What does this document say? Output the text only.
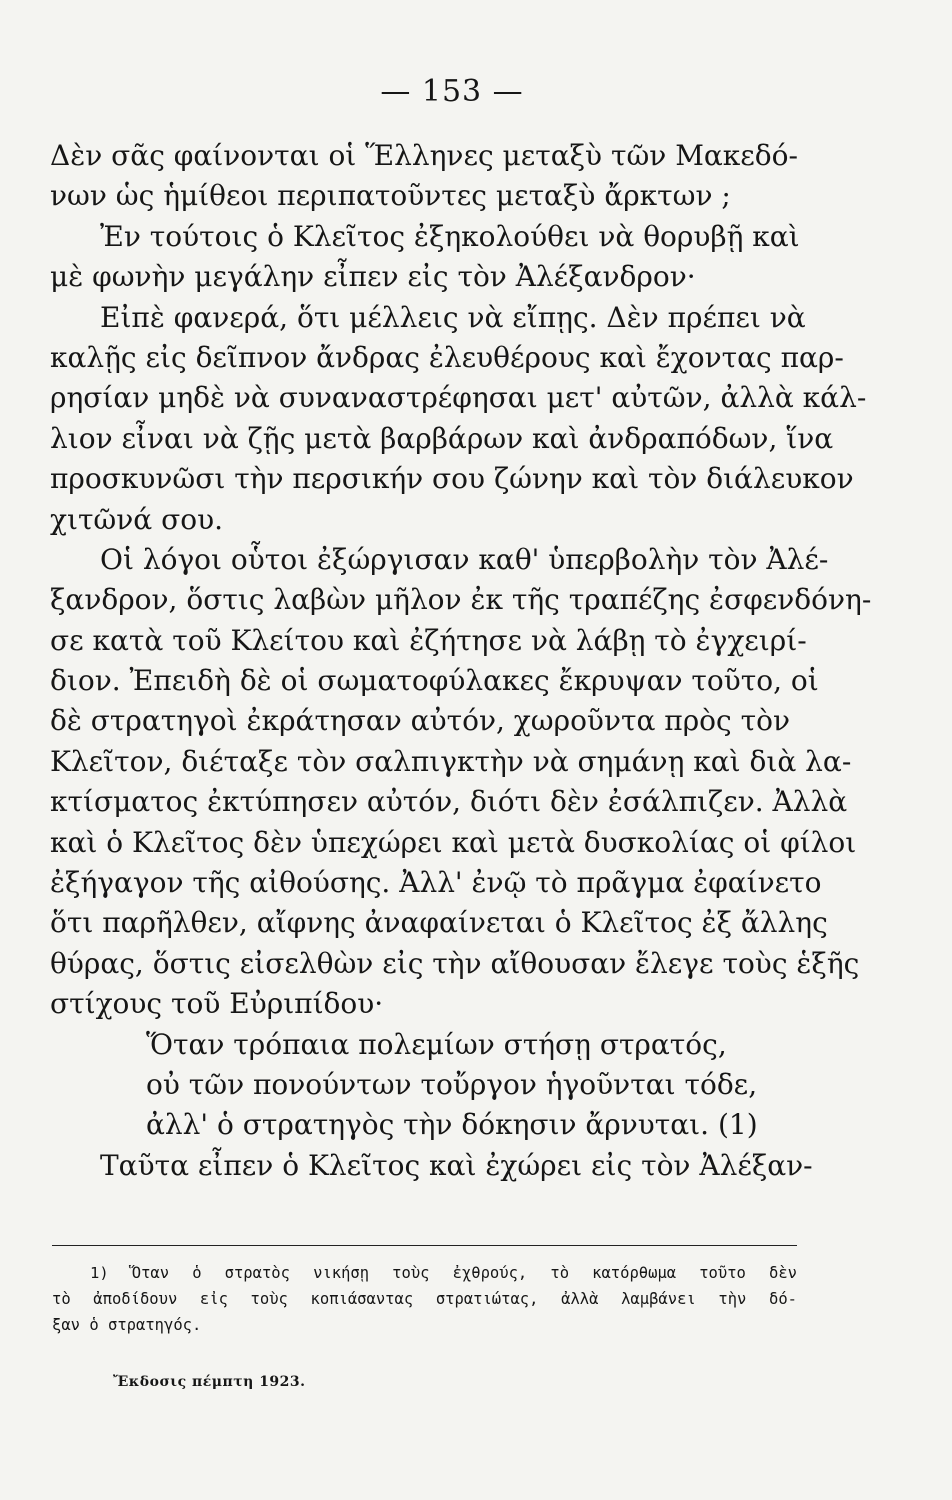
— 153 —
Δὲν σᾶς φαίνονται οἱ Ἕλληνες μεταξὺ τῶν Μακεδό-
νων ὡς ἡμίθεοι περιπατοῦντες μεταξὺ ἄρκτων ;
Ἐν τούτοις ὁ Κλεῖτος ἐξηκολούθει νὰ θορυβῇ καὶ
μὲ φωνὴν μεγάλην εἶπεν εἰς τὸν Ἀλέξανδρον·
Εἰπὲ φανερά, ὅτι μέλλεις νὰ εἴπῃς. Δὲν πρέπει νὰ
καλῇς εἰς δεῖπνον ἄνδρας ἐλευθέρους καὶ ἔχοντας παρ-
ρησίαν μηδὲ νὰ συναναστρέφησαι μετ' αὐτῶν, ἀλλὰ κάλ-
λιον εἶναι νὰ ζῇς μετὰ βαρβάρων καὶ ἀνδραπόδων, ἵνα
προσκυνῶσι τὴν περσικήν σου ζώνην καὶ τὸν διάλευκον
χιτῶνά σου.
Οἱ λόγοι οὗτοι ἐξώργισαν καθ' ὑπερβολὴν τὸν Ἀλέ-
ξανδρον, ὅστις λαβὼν μῆλον ἐκ τῆς τραπέζης ἐσφενδόνη-
σε κατὰ τοῦ Κλείτου καὶ ἐζήτησε νὰ λάβῃ τὸ ἐγχειρί-
διον. Ἐπειδὴ δὲ οἱ σωματοφύλακες ἔκρυψαν τοῦτο, οἱ
δὲ στρατηγοὶ ἐκράτησαν αὐτόν, χωροῦντα πρὸς τὸν
Κλεῖτον, διέταξε τὸν σαλπιγκτὴν νὰ σημάνῃ καὶ διὰ λα-
κτίσματος ἐκτύπησεν αὐτόν, διότι δὲν ἐσάλπιζεν. Ἀλλὰ
καὶ ὁ Κλεῖτος δὲν ὑπεχώρει καὶ μετὰ δυσκολίας οἱ φίλοι
ἐξήγαγον τῆς αἰθούσης. Ἀλλ' ἐνῷ τὸ πρᾶγμα ἐφαίνετο
ὅτι παρῆλθεν, αἴφνης ἀναφαίνεται ὁ Κλεῖτος ἐξ ἄλλης
θύρας, ὅστις εἰσελθὼν εἰς τὴν αἴθουσαν ἔλεγε τοὺς ἑξῆς
στίχους τοῦ Εὐριπίδου·
Ὅταν τρόπαια πολεμίων στήσῃ στρατός,
οὐ τῶν πονούντων τοὔργον ἡγοῦνται τόδε,
ἀλλ' ὁ στρατηγὸς τὴν δόκησιν ἄρνυται. (1)
Ταῦτα εἶπεν ὁ Κλεῖτος καὶ ἐχώρει εἰς τὸν Ἀλέξαν-
1) Ὅταν ὁ στρατὸς νικήσῃ τοὺς ἐχθρούς, τὸ κατόρθωμα τοῦτο δὲν
τὸ ἀποδίδουν εἰς τοὺς κοπιάσαντας στρατιώτας, ἀλλὰ λαμβάνει τὴν δό-
ξαν ὁ στρατηγός.
Ἔκδοσις πέμπτη 1923.
